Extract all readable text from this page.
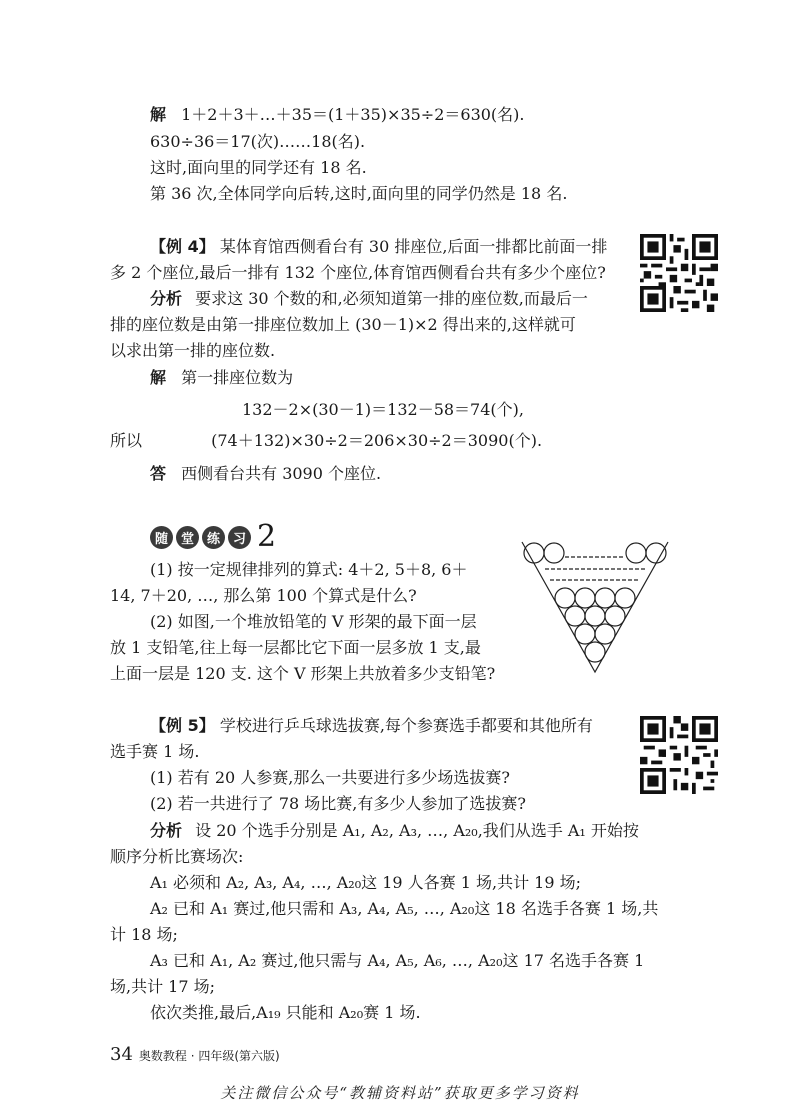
解 1＋2＋3＋…＋35＝(1＋35)×35÷2＝630(名).
630÷36＝17(次)……18(名).
这时,面向里的同学还有 18 名.
第 36 次,全体同学向后转,这时,面向里的同学仍然是 18 名.
【例 4】 某体育馆西侧看台有 30 排座位,后面一排都比前面一排
多 2 个座位,最后一排有 132 个座位,体育馆西侧看台共有多少个座位?
分析 要求这 30 个数的和,必须知道第一排的座位数,而最后一
排的座位数是由第一排座位数加上 (30－1)×2 得出来的,这样就可
以求出第一排的座位数.
解 第一排座位数为
132－2×(30－1)＝132－58＝74(个),
所以	(74＋132)×30÷2＝206×30÷2＝3090(个).
答 西侧看台共有 3090 个座位.
随 堂 练 习 2
(1) 按一定规律排列的算式: 4＋2, 5＋8, 6＋
14, 7＋20, …, 那么第 100 个算式是什么?
(2) 如图,一个堆放铅笔的 V 形架的最下面一层
放 1 支铅笔,往上每一层都比它下面一层多放 1 支,最
上面一层是 120 支. 这个 V 形架上共放着多少支铅笔?
【例 5】 学校进行乒乓球选拔赛,每个参赛选手都要和其他所有
选手赛 1 场.
(1) 若有 20 人参赛,那么一共要进行多少场选拔赛?
(2) 若一共进行了 78 场比赛,有多少人参加了选拔赛?
分析 设 20 个选手分别是 A₁, A₂, A₃, …, A₂₀,我们从选手 A₁ 开始按
顺序分析比赛场次:
A₁ 必须和 A₂, A₃, A₄, …, A₂₀这 19 人各赛 1 场,共计 19 场;
A₂ 已和 A₁ 赛过,他只需和 A₃, A₄, A₅, …, A₂₀这 18 名选手各赛 1 场,共
计 18 场;
A₃ 已和 A₁, A₂ 赛过,他只需与 A₄, A₅, A₆, …, A₂₀这 17 名选手各赛 1
场,共计 17 场;
依次类推,最后,A₁₉ 只能和 A₂₀赛 1 场.
34 奥数教程 · 四年级(第六版)
关注微信公众号“教辅资料站”获取更多学习资料
